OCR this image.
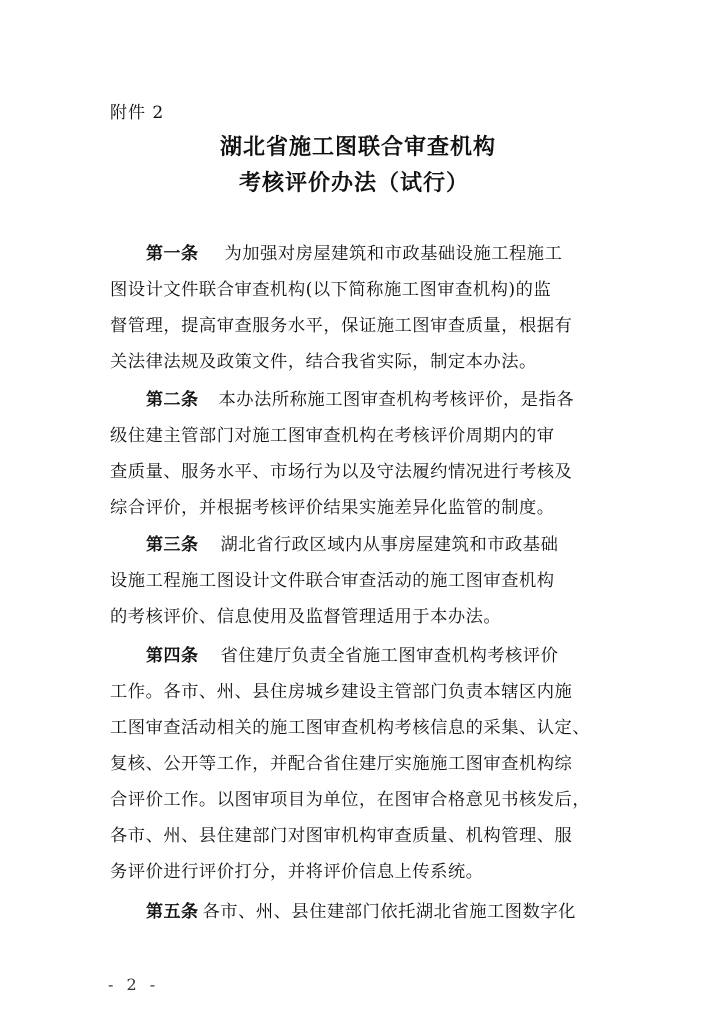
附件 2
湖北省施工图联合审查机构
考核评价办法（试行）
第一条 为加强对房屋建筑和市政基础设施工程施工
图设计文件联合审查机构(以下简称施工图审查机构)的监
督管理，提高审查服务水平，保证施工图审查质量，根据有
关法律法规及政策文件，结合我省实际，制定本办法。
第二条 本办法所称施工图审查机构考核评价，是指各
级住建主管部门对施工图审查机构在考核评价周期内的审
查质量、服务水平、市场行为以及守法履约情况进行考核及
综合评价，并根据考核评价结果实施差异化监管的制度。
第三条 湖北省行政区域内从事房屋建筑和市政基础
设施工程施工图设计文件联合审查活动的施工图审查机构
的考核评价、信息使用及监督管理适用于本办法。
第四条 省住建厅负责全省施工图审查机构考核评价
工作。各市、州、县住房城乡建设主管部门负责本辖区内施
工图审查活动相关的施工图审查机构考核信息的采集、认定、
复核、公开等工作，并配合省住建厅实施施工图审查机构综
合评价工作。以图审项目为单位，在图审合格意见书核发后，
各市、州、县住建部门对图审机构审查质量、机构管理、服
务评价进行评价打分，并将评价信息上传系统。
第五条 各市、州、县住建部门依托湖北省施工图数字化
- 2 -
